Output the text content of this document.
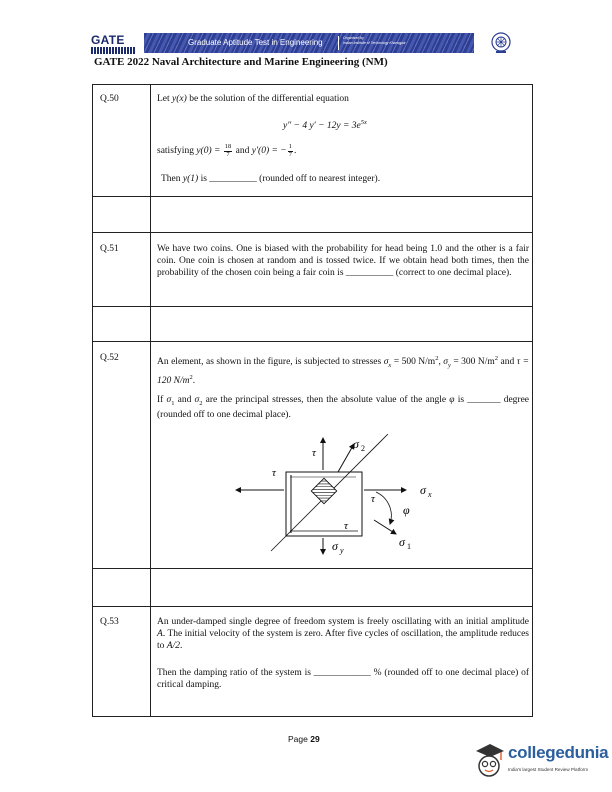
GATE	Graduate Aptitude Test in Engineering	Organised by
Indian Institute of Technology Kharagpur
GATE 2022 Naval Architecture and Marine Engineering (NM)
Q.50	Let y(x) be the solution of the differential equation
y″ − 4 $y' - 12y = 3e^{5x}$
satisfying $y(0) = \frac{18}{7}$ and y′(0) = − $\frac{1}{7}$ .
Then y(1) is __________ (rounded off to nearest integer).
Q.51	We have two coins. One is biased with the probability for head being 1.0 and the other is a fair coin. One coin is chosen at random and is tossed twice. If we obtain head both times, then the probability of the chosen coin being a fair coin is __________ (correct to one decimal place).
Q.52	An element, as shown in the figure, is subjected to stresses $\sigma_x = 500$ $N/m^2$, $\sigma_y = 300$ $N/m^2$ and τ = 120 $N/m^2$.
If $\sigma_1$ and $\sigma_2$ are the principal stresses, then the absolute value of the angle φ is _______ degree (rounded off to one decimal place).
τ
τ
τ
τ
σ 2
σ x
φ
σ 1
σ y
Q.53	An under-damped single degree of freedom system is freely oscillating with an initial amplitude A. The initial velocity of the system is zero. After five cycles of oscillation, the amplitude reduces to A/2.
Then the damping ratio of the system is ____________ % (rounded off to one decimal place) of critical damping.
Page 29
collegedunia
India's largest Student Review Platform
